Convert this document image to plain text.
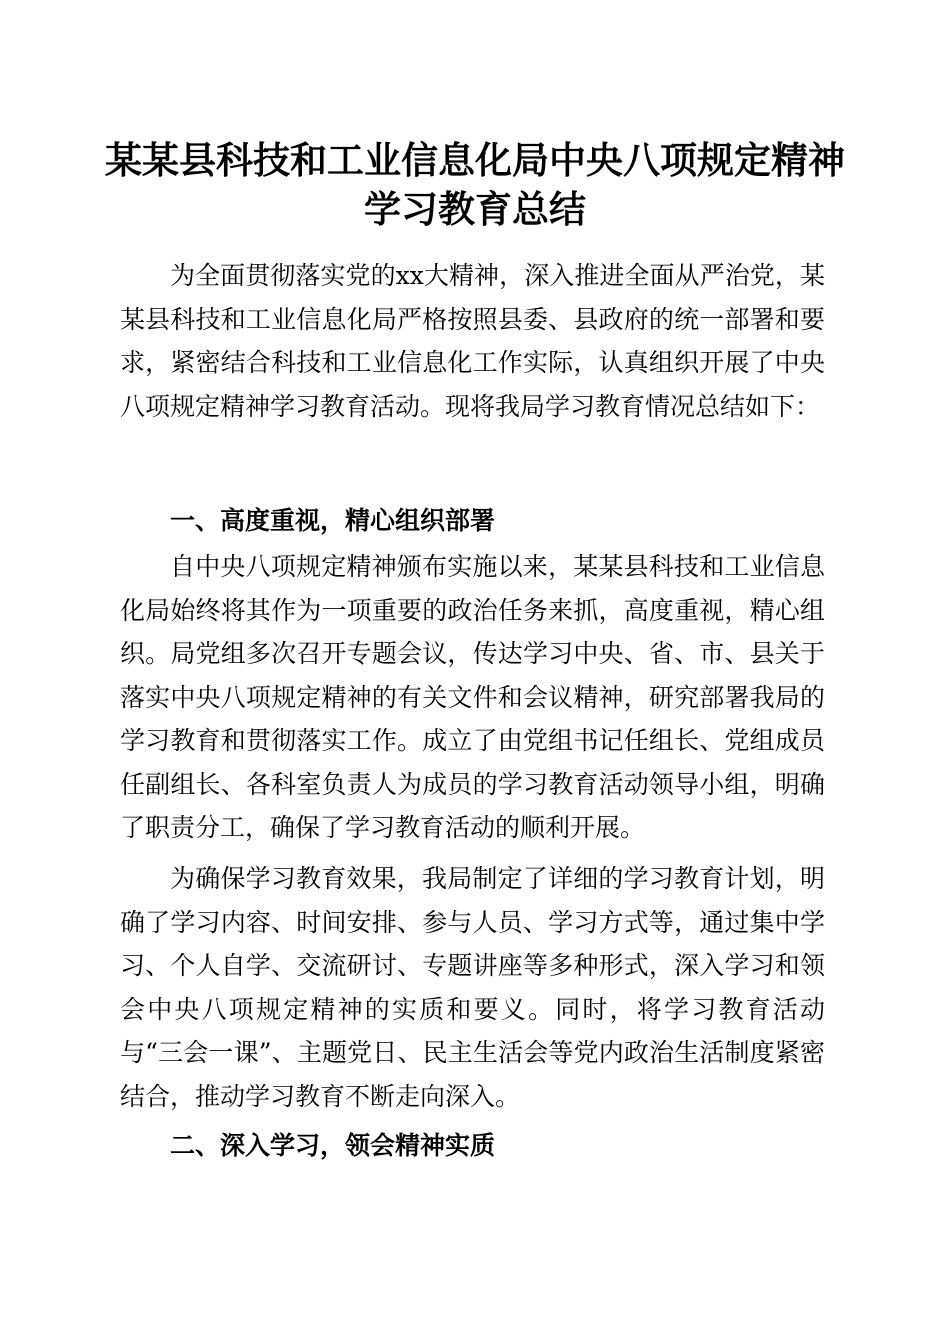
某某县科技和工业信息化局中央八项规定精神
学习教育总结

为全面贯彻落实党的xx大精神，深入推进全面从严治党，某某县科技和工业信息化局严格按照县委、县政府的统一部署和要求，紧密结合科技和工业信息化工作实际，认真组织开展了中央八项规定精神学习教育活动。现将我局学习教育情况总结如下：

一、高度重视，精心组织部署

自中央八项规定精神颁布实施以来，某某县科技和工业信息化局始终将其作为一项重要的政治任务来抓，高度重视，精心组织。局党组多次召开专题会议，传达学习中央、省、市、县关于落实中央八项规定精神的有关文件和会议精神，研究部署我局的学习教育和贯彻落实工作。成立了由党组书记任组长、党组成员任副组长、各科室负责人为成员的学习教育活动领导小组，明确了职责分工，确保了学习教育活动的顺利开展。

为确保学习教育效果，我局制定了详细的学习教育计划，明确了学习内容、时间安排、参与人员、学习方式等，通过集中学习、个人自学、交流研讨、专题讲座等多种形式，深入学习和领会中央八项规定精神的实质和要义。同时，将学习教育活动与“三会一课”、主题党日、民主生活会等党内政治生活制度紧密结合，推动学习教育不断走向深入。

二、深入学习，领会精神实质
